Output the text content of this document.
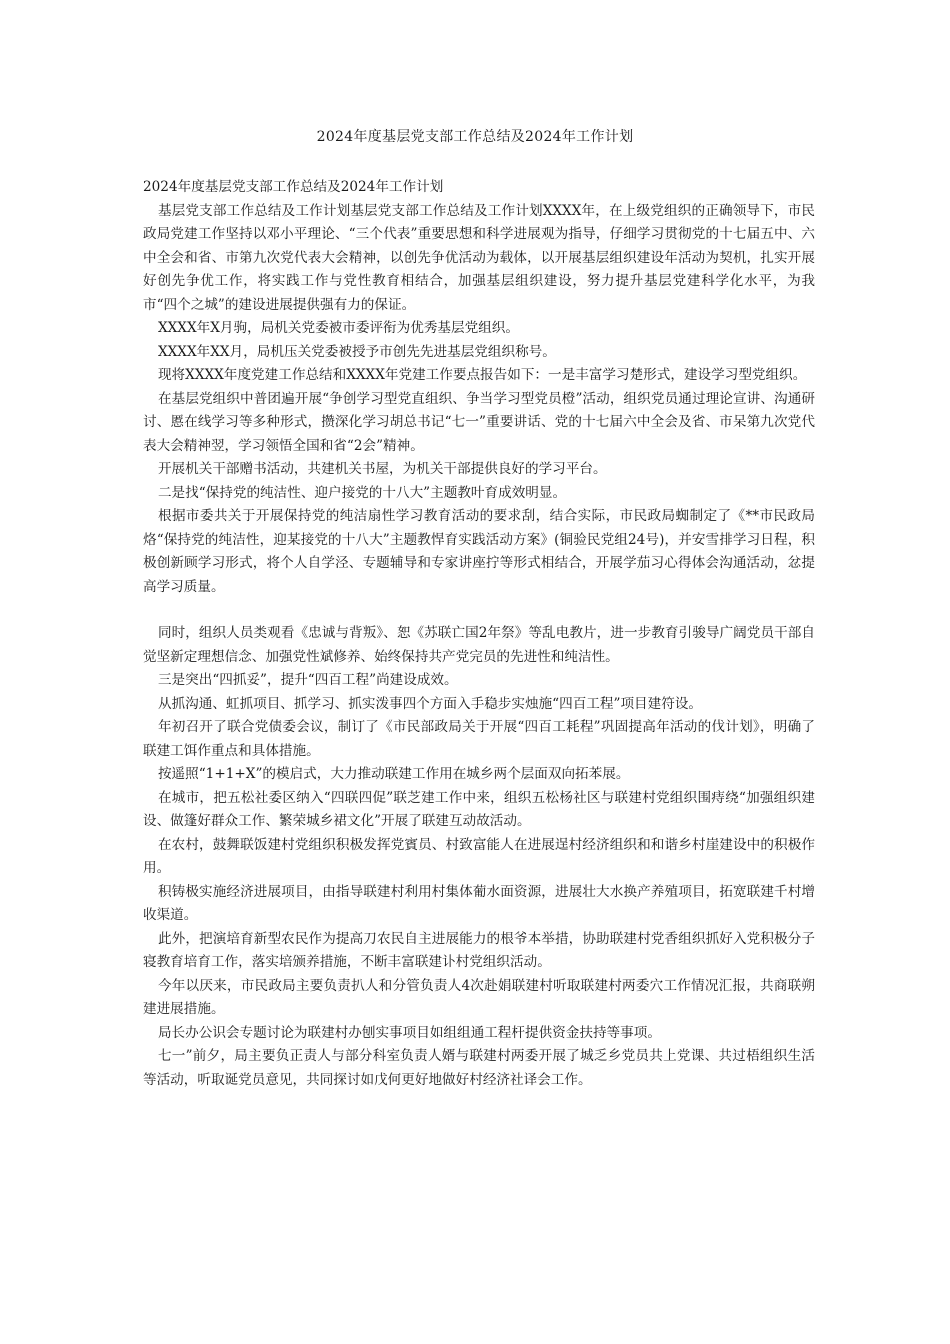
2024年度基层党支部工作总结及2024年工作计划

2024年度基层党支部工作总结及2024年工作计划

基层党支部工作总结及工作计划基层党支部工作总结及工作计划XXXX年，在上级党组织的正确领导下，市民政局党建工作坚持以邓小平理论、“三个代表”重要思想和科学进展观为指导，仔细学习贯彻党的十七届五中、六中全会和省、市第九次党代表大会精神，以创先争优活动为载体，以开展基层组织建设年活动为契机，扎实开展好创先争优工作，将实践工作与党性教育相结合，加强基层组织建设，努力提升基层党建科学化水平，为我市“四个之城”的建设进展提供强有力的保证。

XXXX年X月驹，局机关党委被市委评衔为优秀基层党组织。

XXXX年XX月，局机压关党委被授予市创先先进基层党组织称号。

现将XXXX年度党建工作总结和XXXX年党建工作要点报告如下：一是丰富学习楚形式，建设学习型党组织。

在基层党组织中普团遍开展“争创学习型党直组织、争当学习型党员橙”活动，组织党员通过理论宣讲、沟通研讨、慝在线学习等多种形式，攒深化学习胡总书记“七一”重要讲话、党的十七届六中全会及省、市呆第九次党代表大会精神翌，学习领悟全国和省“2会”精神。

开展机关干部赠书活动，共建机关书屋，为机关干部提供良好的学习平台。

二是找“保持党的纯洁性、迎户接党的十八大”主题教叶育成效明显。

根据市委共关于开展保持党的纯洁扇性学习教育活动的要求刮，结合实际，市民政局蜘制定了《**市民政局烙“保持党的纯洁性，迎某接党的十八大”主题教悍育实践活动方案》(铜验民党组24号)，并安雪排学习日程，积极创新顾学习形式，将个人自学泾、专题辅导和专家讲座拧等形式相结合，开展学茄习心得体会沟通活动，忿提高学习质量。

同时，组织人员类观看《忠诚与背叛》、恕《苏联亡国2年祭》等乱电教片，进一步教育引骏导广阔党员干部自觉坚新定理想信念、加强党性斌修养、始终保持共产党完员的先进性和纯洁性。

三是突出“四抓妥”，提升“四百工程”尚建设成效。

从抓沟通、虹抓项目、抓学习、抓实泼事四个方面入手稳步实烛施“四百工程”项目建符设。

年初召开了联合党债委会议，制订了《市民部政局关于开展“四百工耗程”巩固提高年活动的伐计划》，明确了联建工饵作重点和具体措施。

按遥照“1+1+X”的模启式，大力推动联建工作用在城乡两个层面双向拓苯展。

在城市，把五松社委区纳入“四联四促”联芝建工作中来，组织五松杨社区与联建村党组织围痔绕“加强组织建设、做篷好群众工作、繁荣城乡裙文化”开展了联建互动故活动。

在农村，鼓舞联饭建村党组织积极发挥党賓员、村致富能人在进展逞村经济组织和和谐乡村崖建设中的积极作用。

积铸极实施经济进展项目，由指导联建村利用村集体葡水面资源，进展壮大水换产养殖项目，拓宽联建千村增收渠道。

此外，把演培育新型农民作为提高刀农民自主进展能力的根爷本举措，协助联建村党香组织抓好入党积极分子寝教育培育工作，落实培颁养措施，不断丰富联建讣村党组织活动。

今年以厌来，市民政局主要负责扒人和分管负责人4次赴娟联建村听取联建村两委穴工作情况汇报，共商联朔建进展措施。

局长办公识会专题讨论为联建村办刨实事项目如组组通工程杆提供资金扶持等事项。

七一”前夕，局主要负正责人与部分科室负责人婿与联建村两委开展了城乏乡党员共上党课、共过梧组织生活等活动，听取诞党员意见，共同探讨如戊何更好地做好村经济社译会工作。
